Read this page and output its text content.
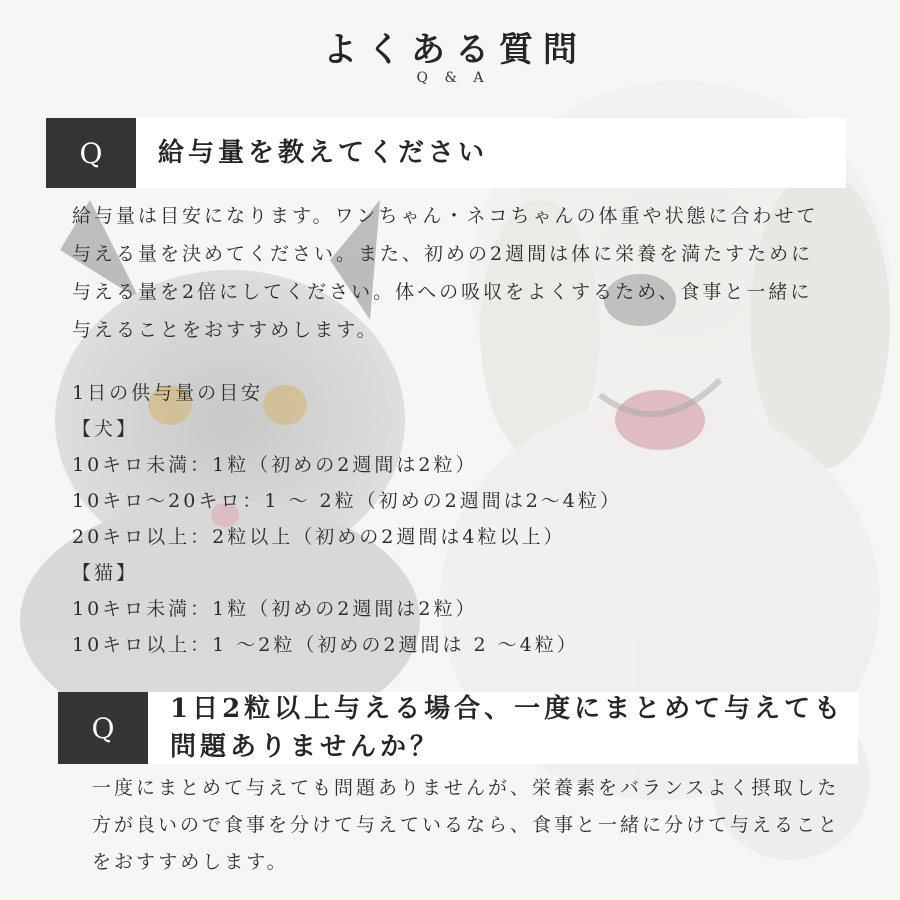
よくある質問
Q & A
Q	給与量を教えてください
給与量は目安になります。ワンちゃん・ネコちゃんの体重や状態に合わせて与える量を決めてください。また、初めの2週間は体に栄養を満たすために与える量を2倍にしてください。体への吸収をよくするため、食事と一緒に与えることをおすすめします。
1日の供与量の目安
【犬】
10キロ未満：1粒（初めの2週間は2粒）
10キロ〜20キロ：1 〜 2粒（初めの2週間は2〜4粒）
20キロ以上：2粒以上（初めの2週間は4粒以上）
【猫】
10キロ未満：1粒（初めの2週間は2粒）
10キロ以上：1 〜2粒（初めの2週間は 2 〜4粒）
Q
1日2粒以上与える場合、一度にまとめて与えても問題ありませんか？
一度にまとめて与えても問題ありませんが、栄養素をバランスよく摂取した方が良いので食事を分けて与えているなら、食事と一緒に分けて与えることをおすすめします。
